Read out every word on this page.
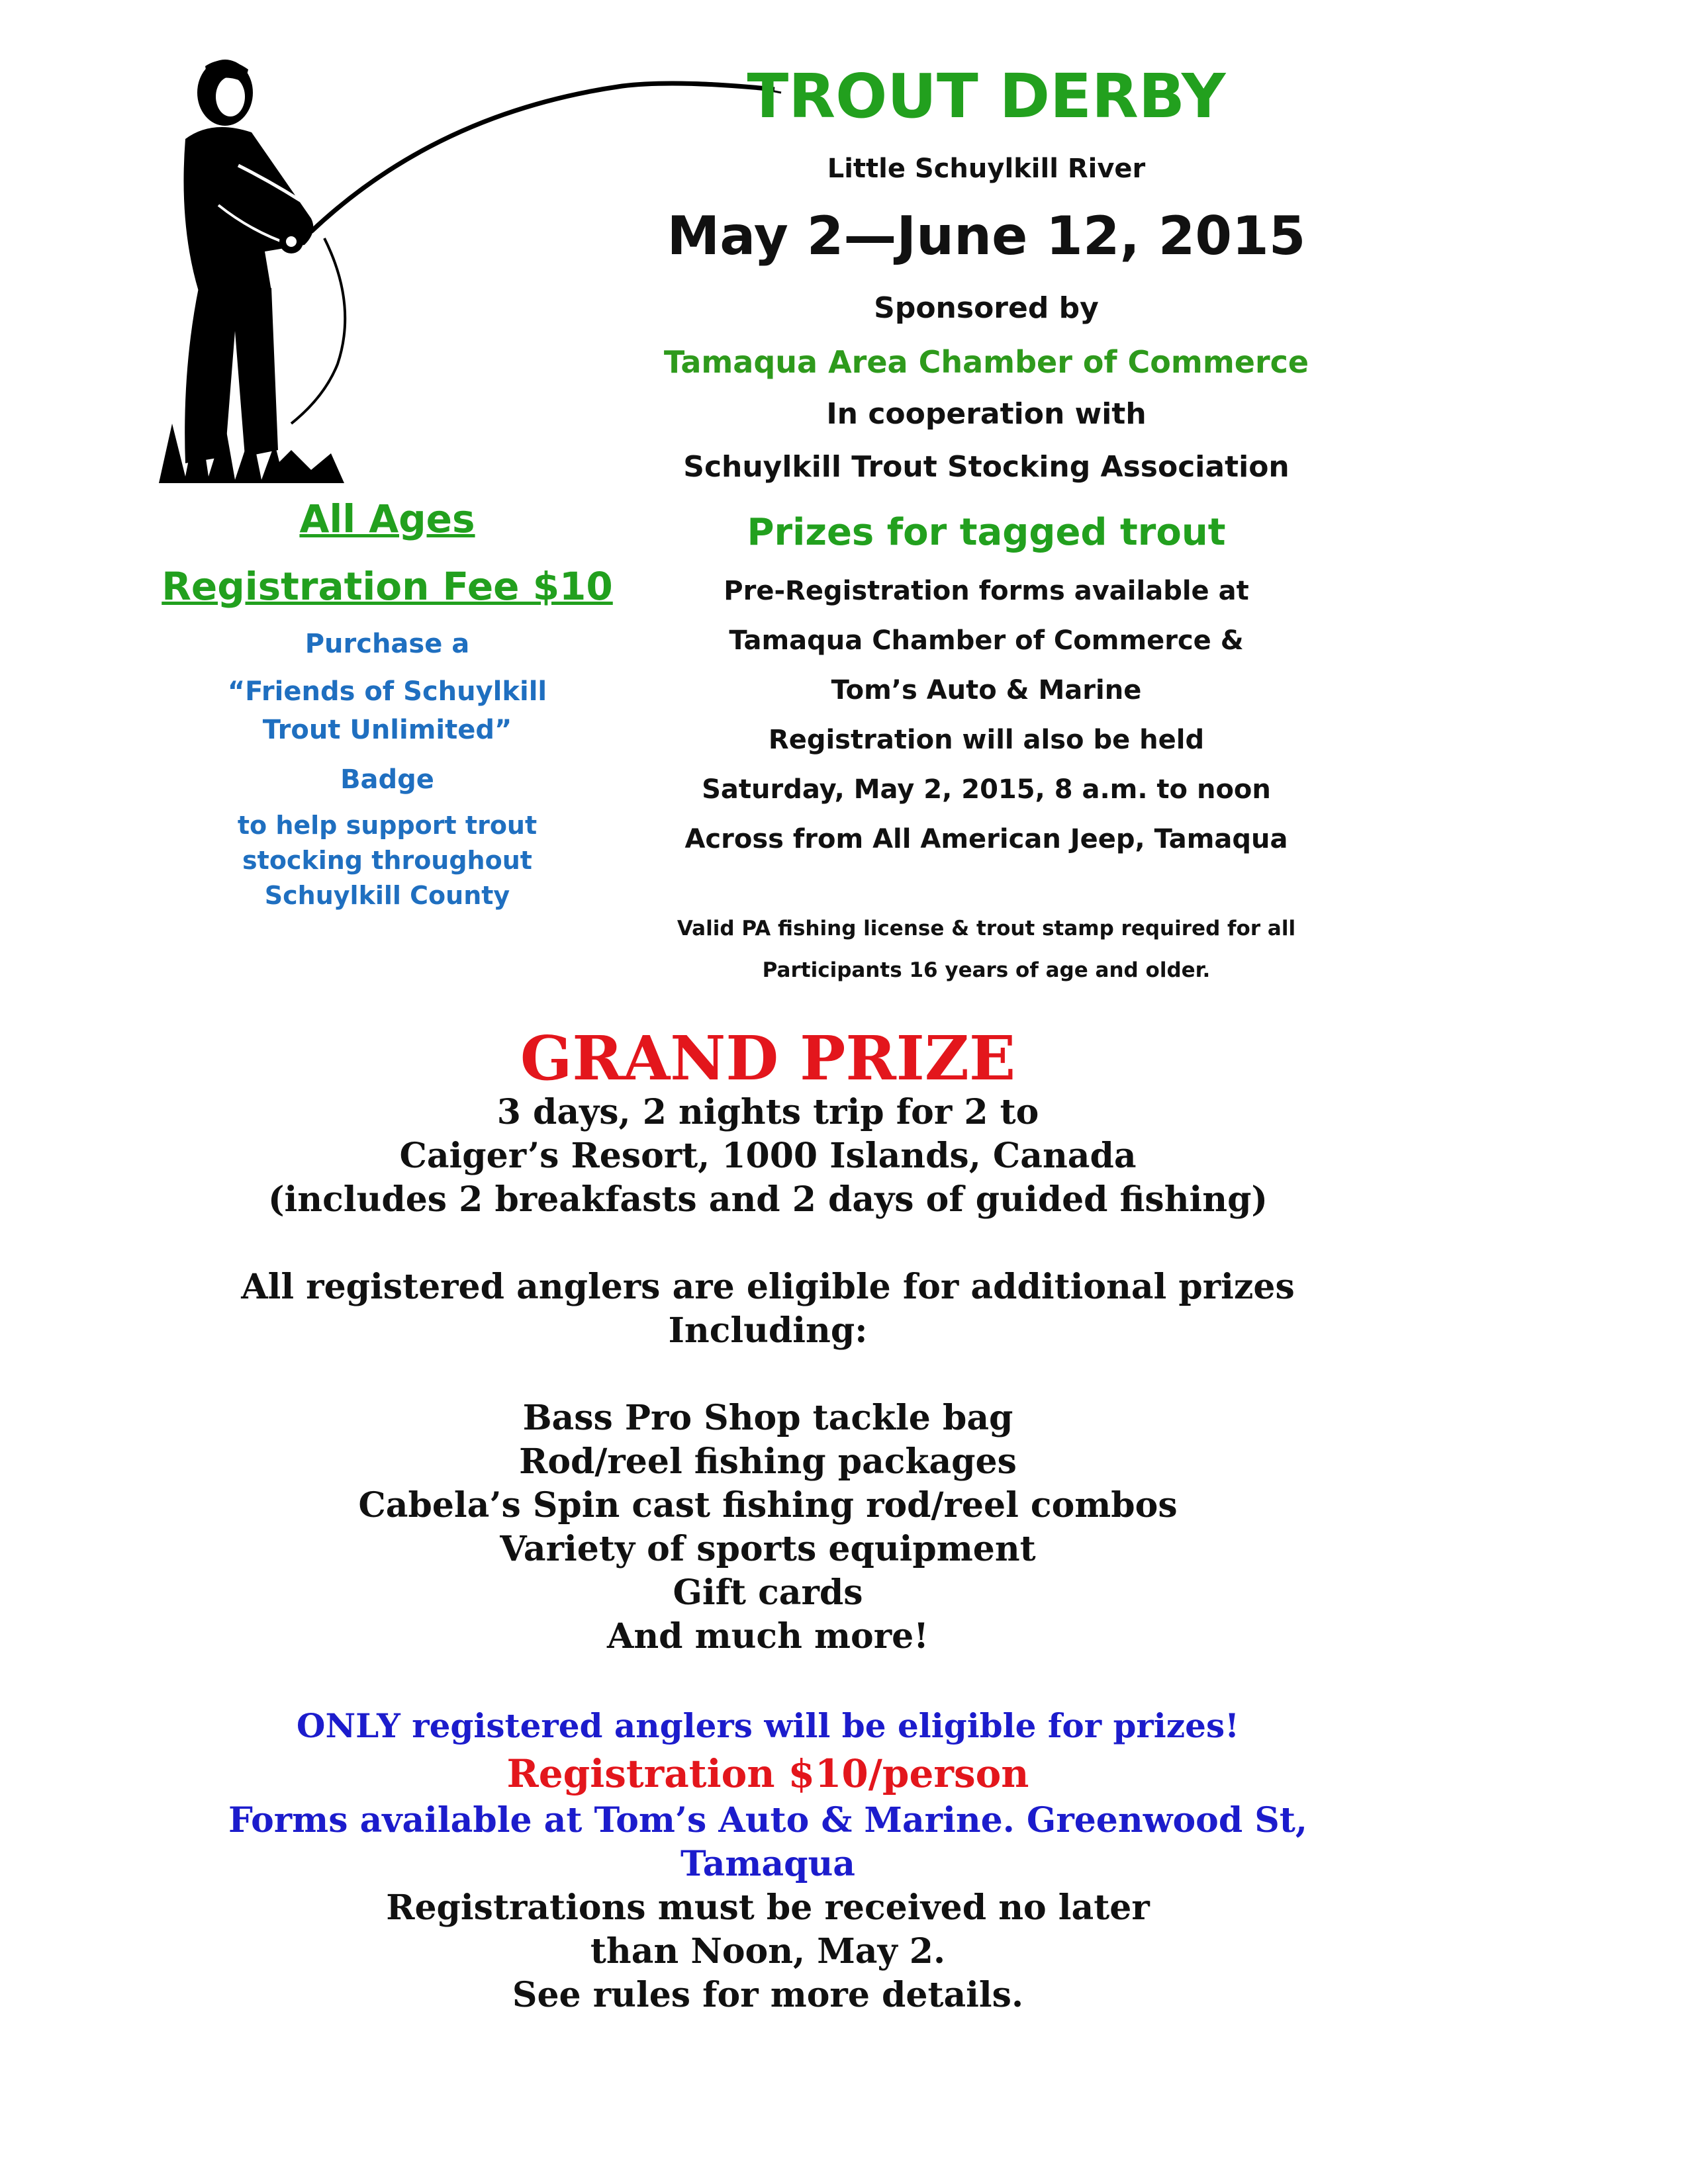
TROUT DERBY
Little Schuylkill River
May 2—June 12, 2015
Sponsored by
Tamaqua Area Chamber of Commerce
In cooperation with
Schuylkill Trout Stocking Association
All Ages
Registration Fee $10
Purchase a
“Friends of Schuylkill
Trout Unlimited”
Badge
to help support trout
stocking throughout
Schuylkill County
Prizes for tagged trout
Pre-Registration forms available at
Tamaqua Chamber of Commerce &
Tom’s Auto & Marine
Registration will also be held
Saturday, May 2, 2015, 8 a.m. to noon
Across from All American Jeep, Tamaqua
Valid PA fishing license & trout stamp required for all
Participants 16 years of age and older.
GRAND PRIZE
3 days, 2 nights trip for 2 to
Caiger’s Resort, 1000 Islands, Canada
(includes 2 breakfasts and 2 days of guided fishing)
All registered anglers are eligible for additional prizes
Including:
Bass Pro Shop tackle bag
Rod/reel fishing packages
Cabela’s Spin cast fishing rod/reel combos
Variety of sports equipment
Gift cards
And much more!
ONLY registered anglers will be eligible for prizes!
Registration $10/person
Forms available at Tom’s Auto & Marine. Greenwood St,
Tamaqua
Registrations must be received no later
than Noon, May 2.
See rules for more details.
